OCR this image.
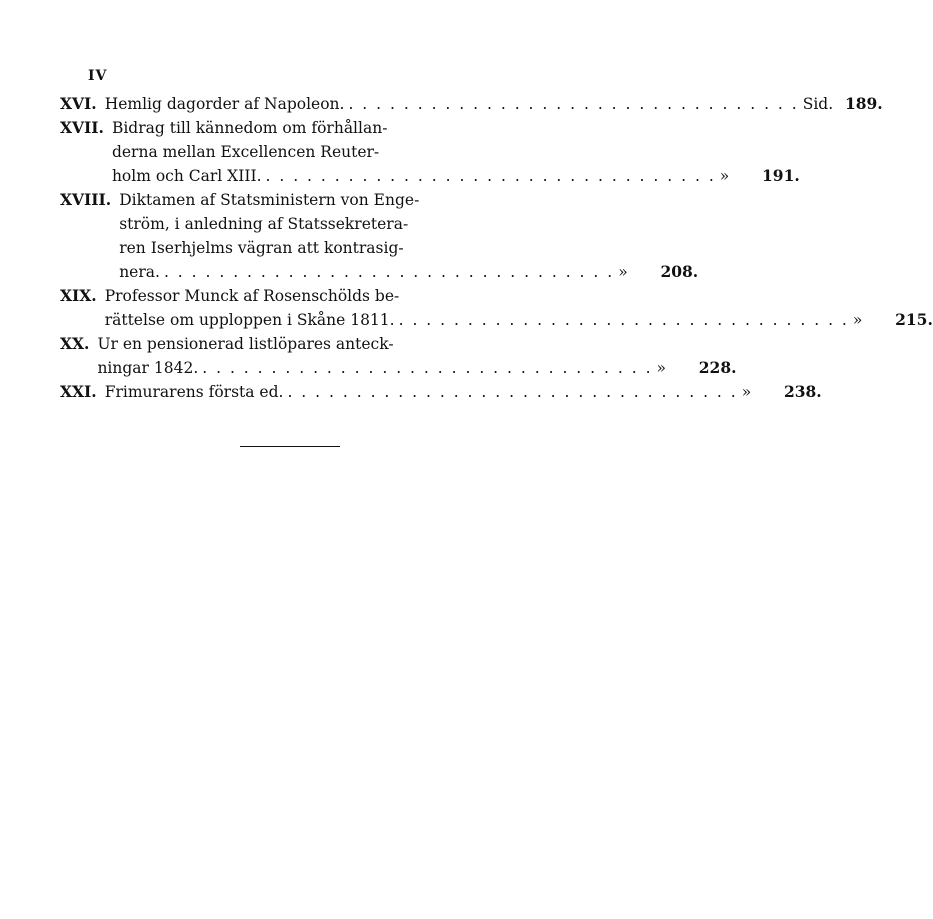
IV
XVI. Hemlig dagorder af Napoleon. . . .	Sid. 189.
XVII. Bidrag till kännedom om förhållan-
derna mellan Excellencen Reuter-
holm och Carl XIII. . . .	»	191.
XVIII. Diktamen af Statsministern von Enge-
ström, i anledning af Statssekretera-
ren Iserhjelms vägran att kontrasig-
nera. . . .	»	208.
XIX. Professor Munck af Rosenschölds be-
rättelse om upploppen i Skåne 1811. . . .	»	215.
XX. Ur en pensionerad listlöpares anteck-
ningar 1842. . . .	»	228.
XXI. Frimurarens första ed. . . .	»	238.
